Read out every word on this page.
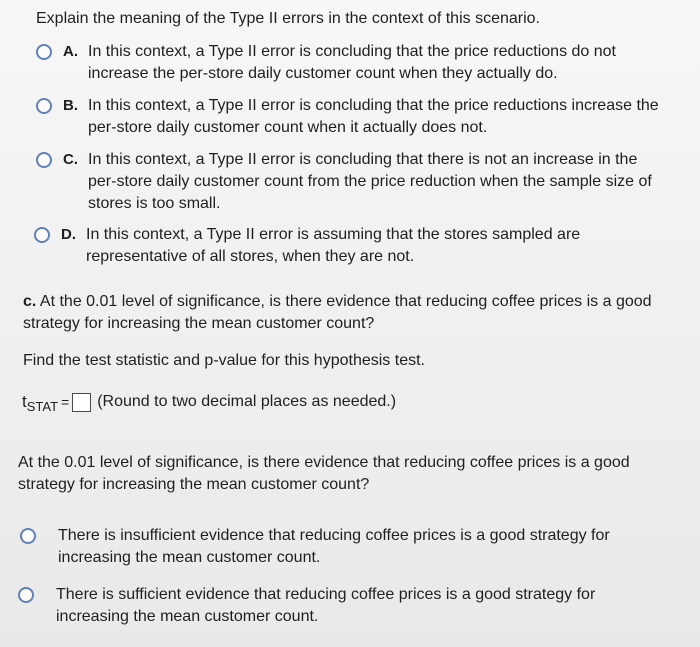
Explain the meaning of the Type II errors in the context of this scenario.
A. In this context, a Type II error is concluding that the price reductions do not increase the per-store daily customer count when they actually do.
B. In this context, a Type II error is concluding that the price reductions increase the per-store daily customer count when it actually does not.
C. In this context, a Type II error is concluding that there is not an increase in the per-store daily customer count from the price reduction when the sample size of stores is too small.
D. In this context, a Type II error is assuming that the stores sampled are representative of all stores, when they are not.
c. At the 0.01 level of significance, is there evidence that reducing coffee prices is a good strategy for increasing the mean customer count?
Find the test statistic and p-value for this hypothesis test.
t STAT = (Round to two decimal places as needed.)
At the 0.01 level of significance, is there evidence that reducing coffee prices is a good strategy for increasing the mean customer count?
There is insufficient evidence that reducing coffee prices is a good strategy for increasing the mean customer count.
There is sufficient evidence that reducing coffee prices is a good strategy for increasing the mean customer count.
